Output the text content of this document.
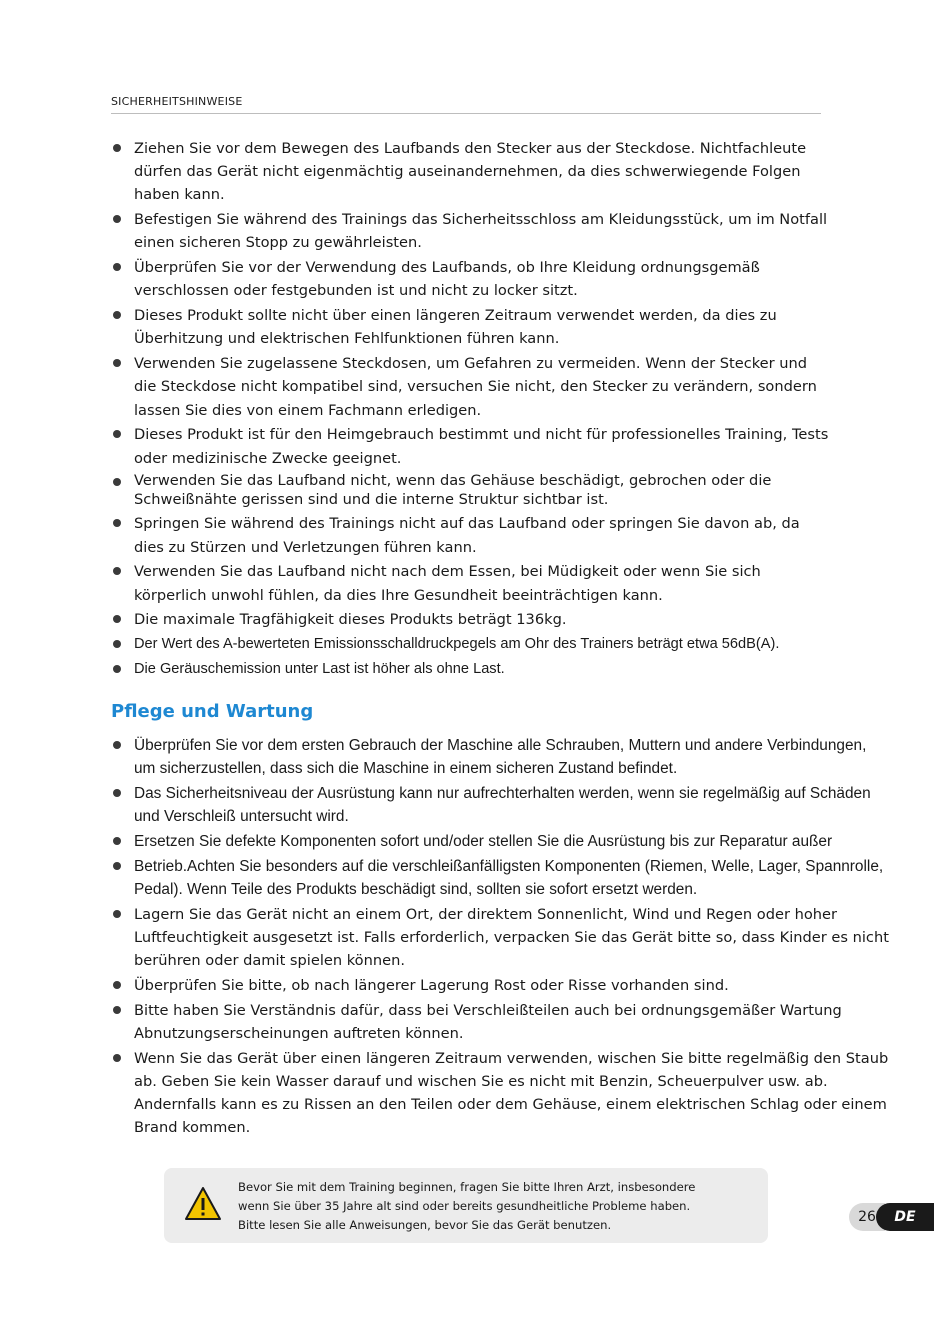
SICHERHEITSHINWEISE
Ziehen Sie vor dem Bewegen des Laufbands den Stecker aus der Steckdose. Nichtfachleute dürfen das Gerät nicht eigenmächtig auseinandernehmen, da dies schwerwiegende Folgen haben kann.
Befestigen Sie während des Trainings das Sicherheitsschloss am Kleidungsstück, um im Notfall einen sicheren Stopp zu gewährleisten.
Überprüfen Sie vor der Verwendung des Laufbands, ob Ihre Kleidung ordnungsgemäß verschlossen oder festgebunden ist und nicht zu locker sitzt.
Dieses Produkt sollte nicht über einen längeren Zeitraum verwendet werden, da dies zu Überhitzung und elektrischen Fehlfunktionen führen kann.
Verwenden Sie zugelassene Steckdosen, um Gefahren zu vermeiden. Wenn der Stecker und die Steckdose nicht kompatibel sind, versuchen Sie nicht, den Stecker zu verändern, sondern lassen Sie dies von einem Fachmann erledigen.
Dieses Produkt ist für den Heimgebrauch bestimmt und nicht für professionelles Training, Tests oder medizinische Zwecke geeignet.
Verwenden Sie das Laufband nicht, wenn das Gehäuse beschädigt, gebrochen oder die Schweißnähte gerissen sind und die interne Struktur sichtbar ist.
Springen Sie während des Trainings nicht auf das Laufband oder springen Sie davon ab, da dies zu Stürzen und Verletzungen führen kann.
Verwenden Sie das Laufband nicht nach dem Essen, bei Müdigkeit oder wenn Sie sich körperlich unwohl fühlen, da dies Ihre Gesundheit beeinträchtigen kann.
Die maximale Tragfähigkeit dieses Produkts beträgt 136kg.
Der Wert des A-bewerteten Emissionsschalldruckpegels am Ohr des Trainers beträgt etwa 56dB(A).
Die Geräuschemission unter Last ist höher als ohne Last.
Pflege und Wartung
Überprüfen Sie vor dem ersten Gebrauch der Maschine alle Schrauben, Muttern und andere Verbindungen, um sicherzustellen, dass sich die Maschine in einem sicheren Zustand befindet.
Das Sicherheitsniveau der Ausrüstung kann nur aufrechterhalten werden, wenn sie regelmäßig auf Schäden und Verschleiß untersucht wird.
Ersetzen Sie defekte Komponenten sofort und/oder stellen Sie die Ausrüstung bis zur Reparatur außer
Betrieb.Achten Sie besonders auf die verschleißanfälligsten Komponenten (Riemen, Welle, Lager, Spannrolle, Pedal). Wenn Teile des Produkts beschädigt sind, sollten sie sofort ersetzt werden.
Lagern Sie das Gerät nicht an einem Ort, der direktem Sonnenlicht, Wind und Regen oder hoher Luftfeuchtigkeit ausgesetzt ist. Falls erforderlich, verpacken Sie das Gerät bitte so, dass Kinder es nicht berühren oder damit spielen können.
Überprüfen Sie bitte, ob nach längerer Lagerung Rost oder Risse vorhanden sind.
Bitte haben Sie Verständnis dafür, dass bei Verschleißteilen auch bei ordnungsgemäßer Wartung Abnutzungserscheinungen auftreten können.
Wenn Sie das Gerät über einen längeren Zeitraum verwenden, wischen Sie bitte regelmäßig den Staub ab. Geben Sie kein Wasser darauf und wischen Sie es nicht mit Benzin, Scheuerpulver usw. ab. Andernfalls kann es zu Rissen an den Teilen oder dem Gehäuse, einem elektrischen Schlag oder einem Brand kommen.
Bevor Sie mit dem Training beginnen, fragen Sie bitte Ihren Arzt, insbesondere
wenn Sie über 35 Jahre alt sind oder bereits gesundheitliche Probleme haben.
Bitte lesen Sie alle Anweisungen, bevor Sie das Gerät benutzen.	26	DE
